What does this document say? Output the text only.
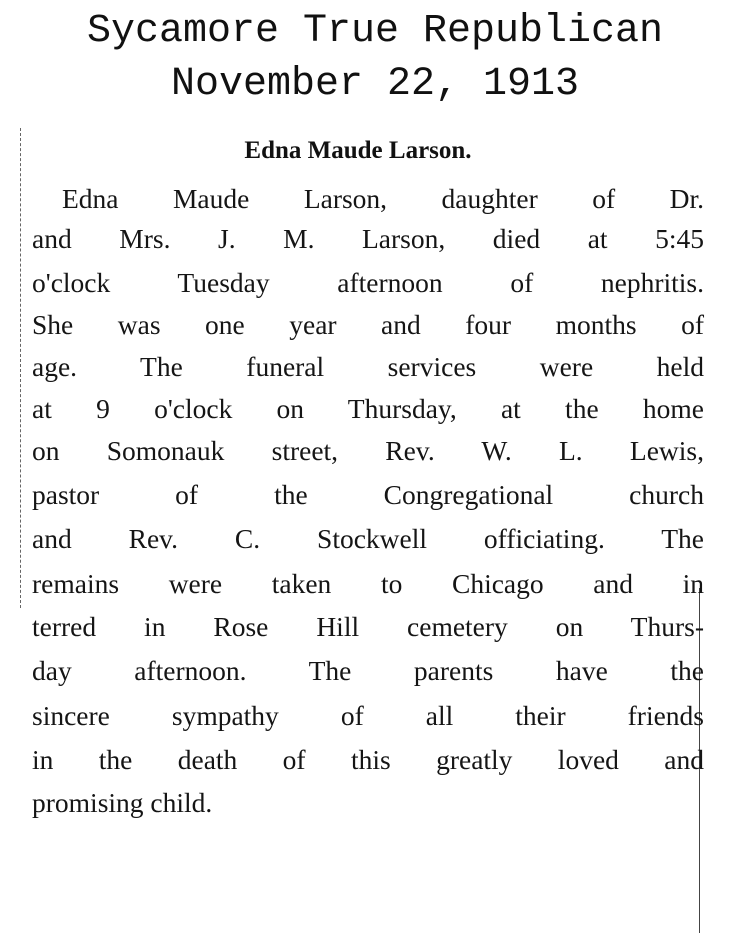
Sycamore True Republican
November 22, 1913
Edna Maude Larson.
Edna Maude Larson, daughter of Dr.
and Mrs. J. M. Larson, died at 5:45
o'clock Tuesday afternoon of nephritis.
She was one year and four months of
age. The funeral services were held
at 9 o'clock on Thursday, at the home
on Somonauk street, Rev. W. L. Lewis,
pastor of the Congregational church
and Rev. C. Stockwell officiating. The
remains were taken to Chicago and in
terred in Rose Hill cemetery on Thurs-
day afternoon. The parents have the
sincere sympathy of all their friends
in the death of this greatly loved and
promising child.
